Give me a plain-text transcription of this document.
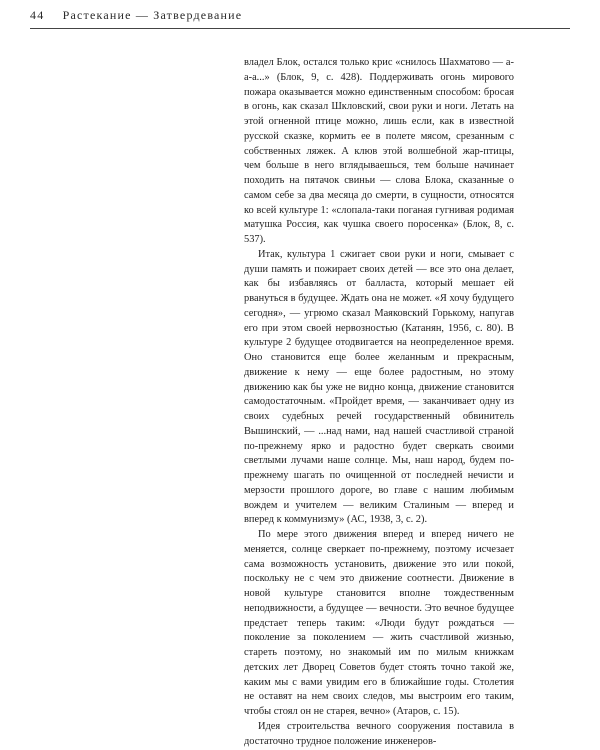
44 Растекание — Затвердевание

владел Блок, остался только крис «снилось Шахматово — а-а-а...» (Блок, 9, с. 428). Поддерживать огонь мирового пожара оказывается можно единственным способом: бросая в огонь, как сказал Шкловский, свои руки и ноги. Летать на этой огненной птице можно, лишь если, как в известной русской сказке, кормить ее в полете мясом, срезанным с собственных ляжек. А клюв этой волшебной жар-птицы, чем больше в него вглядываешься, тем больше начинает походить на пятачок свиньи — слова Блока, сказанные о самом себе за два месяца до смерти, в сущности, относятся ко всей культуре 1: «слопала-таки поганая гугнивая родимая матушка Россия, как чушка своего поросенка» (Блок, 8, с. 537).

Итак, культура 1 сжигает свои руки и ноги, смывает с души память и пожирает своих детей — все это она делает, как бы избавляясь от балласта, который мешает ей рвануться в будущее. Ждать она не может. «Я хочу будущего сегодня», — угрюмо сказал Маяковский Горькому, напугав его при этом своей нервозностью (Катанян, 1956, с. 80). В культуре 2 будущее отодвигается на неопределенное время. Оно становится еще более желанным и прекрасным, движение к нему — еще более радостным, но этому движению как бы уже не видно конца, движение становится самодостаточным. «Пройдет время, — заканчивает одну из своих судебных речей государственный обвинитель Вышинский, — ...над нами, над нашей счастливой страной по-прежнему ярко и радостно будет сверкать своими светлыми лучами наше солнце. Мы, наш народ, будем по-прежнему шагать по очищенной от последней нечисти и мерзости прошлого дороге, во главе с нашим любимым вождем и учителем — великим Сталиным — вперед и вперед к коммунизму» (АС, 1938, 3, с. 2).

По мере этого движения вперед и вперед ничего не меняется, солнце сверкает по-прежнему, поэтому исчезает сама возможность установить, движение это или покой, поскольку не с чем это движение соотнести. Движение в новой культуре становится вполне тождественным неподвижности, а будущее — вечности. Это вечное будущее предстает теперь таким: «Люди будут рождаться — поколение за поколением — жить счастливой жизнью, стареть поэтому, но знакомый им по милым книжкам детских лет Дворец Советов будет стоять точно такой же, каким мы с вами увидим его в ближайшие годы. Столетия не оставят на нем своих следов, мы выстроим его таким, чтобы стоял он не старея, вечно» (Атаров, с. 15).

Идея строительства вечного сооружения поставила в достаточно трудное положение инженеров-
